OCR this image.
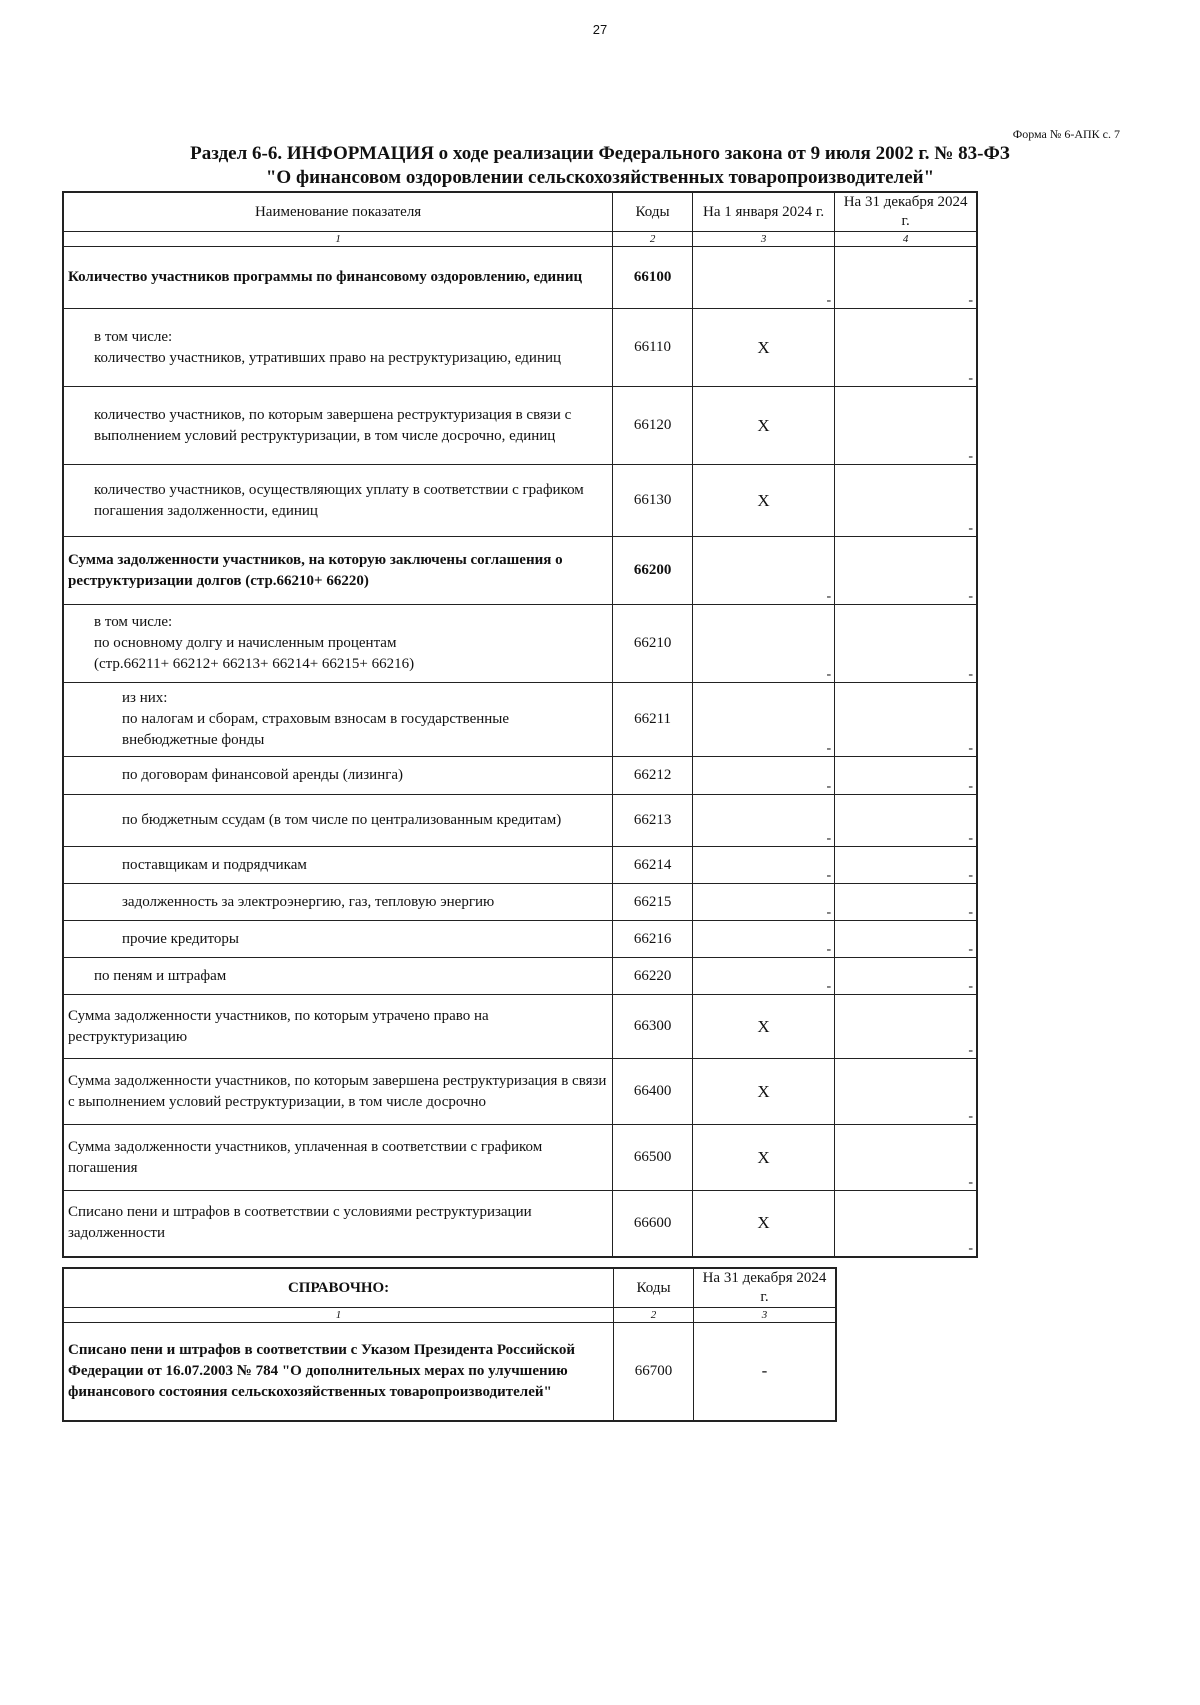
27
Форма № 6-АПК с. 7
Раздел 6-6. ИНФОРМАЦИЯ о ходе реализации Федерального закона от 9 июля 2002 г. № 83-ФЗ
"О финансовом оздоровлении сельскохозяйственных товаропроизводителей"
Наименование показателя	Коды	На 1 января 2024 г.	На 31 декабря 2024 г.
1	2	3	4
Количество участников программы по финансовому оздоровлению, единиц	66100	-	-

в том числе:
количество участников, утративших право на реструктуризацию, единиц	66110	X	-

количество участников, по которым завершена реструктуризация в связи с выполнением условий реструктуризации, в том числе досрочно, единиц	66120	X	-

количество участников, осуществляющих уплату в соответствии с графиком погашения задолженности, единиц	66130	X	-

Сумма задолженности участников, на которую заключены соглашения о реструктуризации долгов (стр.66210+ 66220)	66200	-	-

в том числе:
по основному долгу и начисленным процентам
(стр.66211+ 66212+ 66213+ 66214+ 66215+ 66216)	66210	-	-

из них:
по налогам и сборам, страховым взносам в государственные внебюджетные фонды	66211	-	-

по договорам финансовой аренды (лизинга)	66212	-	-

по бюджетным ссудам (в том числе по централизованным кредитам)	66213	-	-

поставщикам и подрядчикам	66214	-	-

задолженность за электроэнергию, газ, тепловую энергию	66215	-	-

прочие кредиторы	66216	-	-

по пеням и штрафам	66220	-	-

Сумма задолженности участников, по которым утрачено право на реструктуризацию	66300	X	-

Сумма задолженности участников, по которым завершена реструктуризация в связи с выполнением условий реструктуризации, в том числе досрочно	66400	X	-

Сумма задолженности участников, уплаченная в соответствии с графиком погашения	66500	X	-

Списано пени и штрафов в соответствии с условиями реструктуризации задолженности	66600	X	-
СПРАВОЧНО:	Коды	На 31 декабря 2024 г.
1	2	3
Списано пени и штрафов в соответствии с Указом Президента Российской Федерации от 16.07.2003 № 784 "О дополнительных мерах по улучшению финансового состояния сельскохозяйственных товаропроизводителей"	66700	-
